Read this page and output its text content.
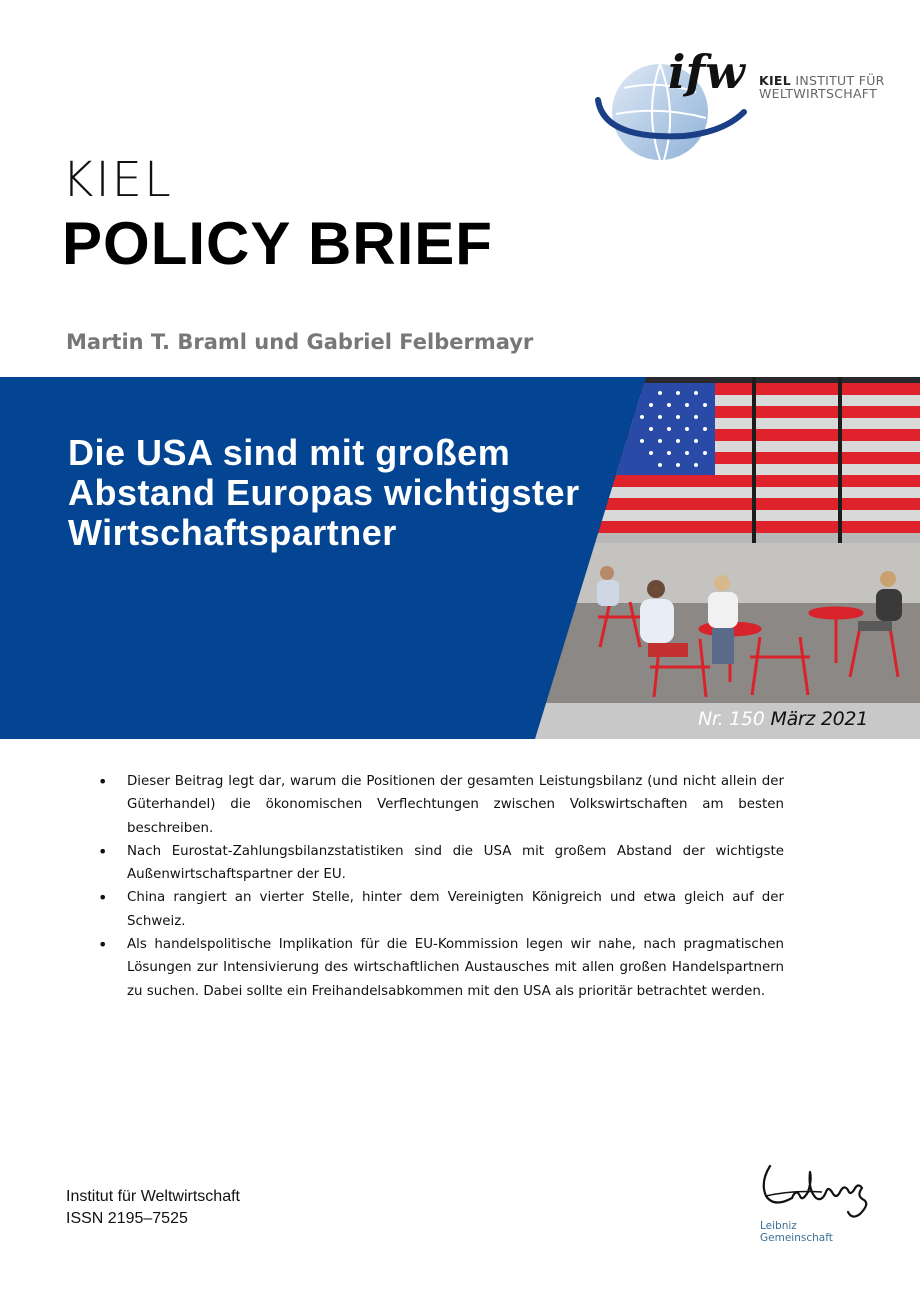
ifw KIEL INSTITUT FÜR
WELTWIRTSCHAFT
KIEL
POLICY BRIEF
Martin T. Braml und Gabriel Felbermayr
Die USA sind mit großem Abstand Europas wichtigster Wirtschaftspartner
Nr. 150 März 2021
• Dieser Beitrag legt dar, warum die Positionen der gesamten Leistungsbilanz (und nicht allein der Güterhandel) die ökonomischen Verflechtungen zwischen Volkswirtschaften am besten beschreiben.
• Nach Eurostat-Zahlungsbilanzstatistiken sind die USA mit großem Abstand der wichtigste Außenwirtschaftspartner der EU.
• China rangiert an vierter Stelle, hinter dem Vereinigten Königreich und etwa gleich auf der Schweiz.
• Als handelspolitische Implikation für die EU-Kommission legen wir nahe, nach pragmatischen Lösungen zur Intensivierung des wirtschaftlichen Austausches mit allen großen Handelspartnern zu suchen. Dabei sollte ein Freihandelsabkommen mit den USA als prioritär betrachtet werden.
Institut für Weltwirtschaft
ISSN 2195–7525	Leibniz
Gemeinschaft
